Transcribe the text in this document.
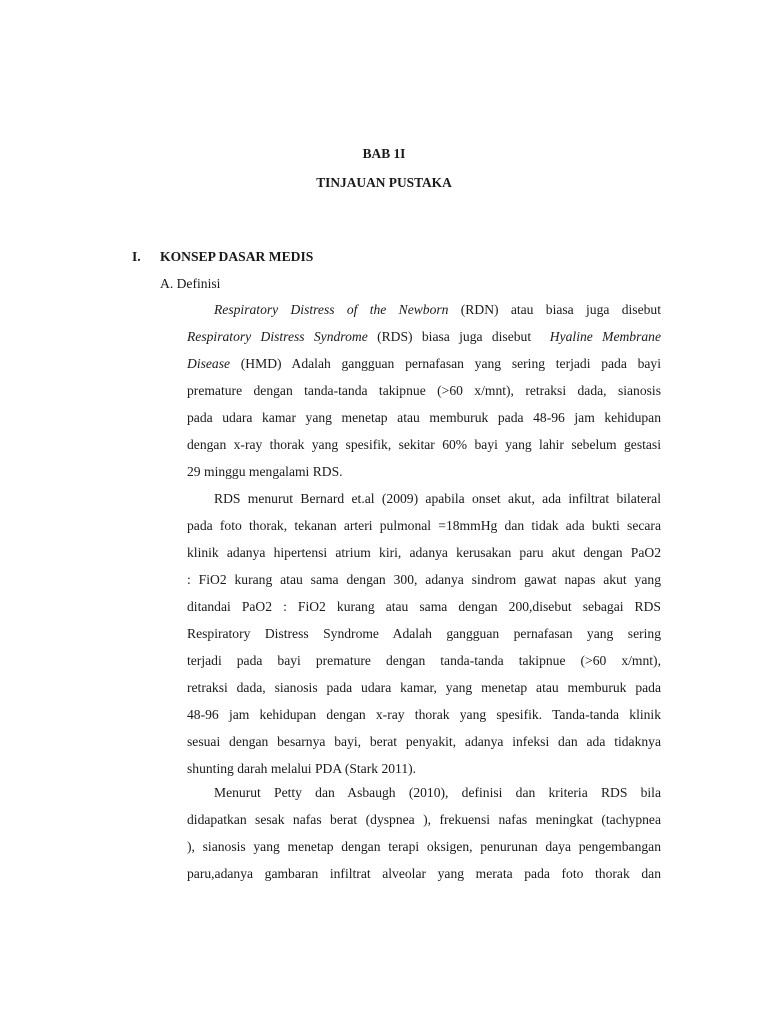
BAB 1I
TINJAUAN PUSTAKA
I. KONSEP DASAR MEDIS
A. Definisi
Respiratory Distress of the Newborn (RDN) atau biasa juga disebut
Respiratory Distress Syndrome (RDS) biasa juga disebut  Hyaline Membrane
Disease (HMD) Adalah gangguan pernafasan yang sering terjadi pada bayi
premature dengan tanda-tanda takipnue (>60 x/mnt), retraksi dada, sianosis
pada udara kamar yang menetap atau memburuk pada 48-96 jam kehidupan
dengan x-ray thorak yang spesifik, sekitar 60% bayi yang lahir sebelum gestasi
29 minggu mengalami RDS.
RDS menurut Bernard et.al (2009) apabila onset akut, ada infiltrat bilateral
pada foto thorak, tekanan arteri pulmonal =18mmHg dan tidak ada bukti secara
klinik adanya hipertensi atrium kiri, adanya kerusakan paru akut dengan PaO2
: FiO2 kurang atau sama dengan 300, adanya sindrom gawat napas akut yang
ditandai PaO2 : FiO2 kurang atau sama dengan 200,disebut sebagai RDS
Respiratory Distress Syndrome Adalah gangguan pernafasan yang sering
terjadi pada bayi premature dengan tanda-tanda takipnue (>60 x/mnt),
retraksi dada, sianosis pada udara kamar, yang menetap atau memburuk pada
48-96 jam kehidupan dengan x-ray thorak yang spesifik. Tanda-tanda klinik
sesuai dengan besarnya bayi, berat penyakit, adanya infeksi dan ada tidaknya
shunting darah melalui PDA (Stark 2011).
Menurut Petty dan Asbaugh (2010), definisi dan kriteria RDS bila
didapatkan sesak nafas berat (dyspnea ), frekuensi nafas meningkat (tachypnea
), sianosis yang menetap dengan terapi oksigen, penurunan daya pengembangan
paru,adanya gambaran infiltrat alveolar yang merata pada foto thorak dan
